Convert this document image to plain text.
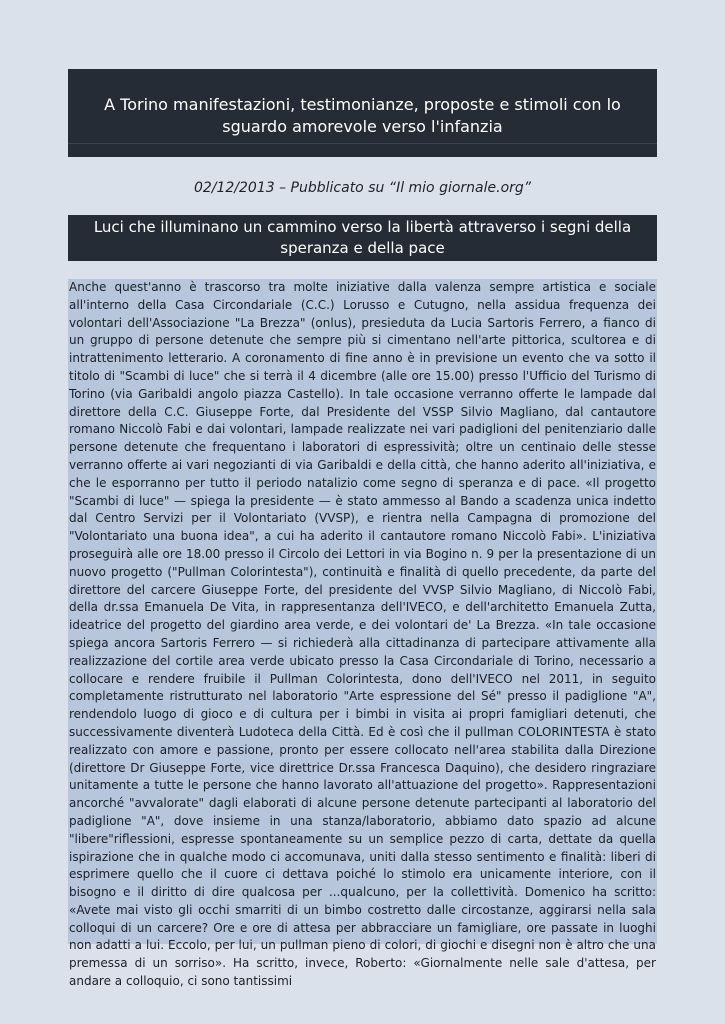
A Torino manifestazioni, testimonianze, proposte e stimoli con lo sguardo amorevole verso l'infanzia
02/12/2013 – Pubblicato su “Il mio giornale.org”
Luci che illuminano un cammino verso la libertà attraverso i segni della speranza e della pace

Anche quest'anno è trascorso tra molte iniziative dalla valenza sempre artistica e sociale all'interno della Casa Circondariale (C.C.) Lorusso e Cutugno, nella assidua frequenza dei volontari dell'Associazione "La Brezza" (onlus), presieduta da Lucia Sartoris Ferrero, a fianco di un gruppo di persone detenute che sempre più si cimentano nell'arte pittorica, scultorea e di intrattenimento letterario. A coronamento di fine anno è in previsione un evento che va sotto il titolo di "Scambi di luce" che si terrà il 4 dicembre (alle ore 15.00) presso l'Ufficio del Turismo di Torino (via Garibaldi angolo piazza Castello). In tale occasione verranno offerte le lampade dal direttore della C.C. Giuseppe Forte, dal Presidente del VSSP Silvio Magliano, dal cantautore romano Niccolò Fabi e dai volontari, lampade realizzate nei vari padiglioni del penitenziario dalle persone detenute che frequentano i laboratori di espressività; oltre un centinaio delle stesse verranno offerte ai vari negozianti di via Garibaldi e della città, che hanno aderito all'iniziativa, e che le esporranno per tutto il periodo natalizio come segno di speranza e di pace. «Il progetto "Scambi di luce" — spiega la presidente — è stato ammesso al Bando a scadenza unica indetto dal Centro Servizi per il Volontariato (VVSP), e rientra nella Campagna di promozione del "Volontariato una buona idea", a cui ha aderito il cantautore romano Niccolò Fabi». L'iniziativa proseguirà alle ore 18.00 presso il Circolo dei Lettori in via Bogino n. 9 per la presentazione di un nuovo progetto ("Pullman Colorintesta"), continuità e finalità di quello precedente, da parte del direttore del carcere Giuseppe Forte, del presidente del VVSP Silvio Magliano, di Niccolò Fabi, della dr.ssa Emanuela De Vita, in rappresentanza dell'IVECO, e dell'architetto Emanuela Zutta, ideatrice del progetto del giardino area verde, e dei volontari de' La Brezza. «In tale occasione spiega ancora Sartoris Ferrero — si richiederà alla cittadinanza di partecipare attivamente alla realizzazione del cortile area verde ubicato presso la Casa Circondariale di Torino, necessario a collocare e rendere fruibile il Pullman Colorintesta, dono dell'IVECO nel 2011, in seguito completamente ristrutturato nel laboratorio "Arte espressione del Sé" presso il padiglione "A", rendendolo luogo di gioco e di cultura per i bimbi in visita ai propri famigliari detenuti, che successivamente diventerà Ludoteca della Città. Ed è così che il pullman COLORINTESTA è stato realizzato con amore e passione, pronto per essere collocato nell'area stabilita dalla Direzione (direttore Dr Giuseppe Forte, vice direttrice Dr.ssa Francesca Daquino), che desidero ringraziare unitamente a tutte le persone che hanno lavorato all'attuazione del progetto». Rappresentazioni ancorché "avvalorate" dagli elaborati di alcune persone detenute partecipanti al laboratorio del padiglione "A", dove insieme in una stanza/laboratorio, abbiamo dato spazio ad alcune "libere"riflessioni, espresse spontaneamente su un semplice pezzo di carta, dettate da quella ispirazione che in qualche modo ci accomunava, uniti dalla stesso sentimento e finalità: liberi di esprimere quello che il cuore ci dettava poiché lo stimolo era unicamente interiore, con il bisogno e il diritto di dire qualcosa per ...qualcuno, per la collettività. Domenico ha scritto: «Avete mai visto gli occhi smarriti di un bimbo costretto dalle circostanze, aggirarsi nella sala colloqui di un carcere? Ore e ore di attesa per abbracciare un famigliare, ore passate in luoghi non adatti a lui. Eccolo, per lui, un pullman pieno di colori, di giochi e disegni non è altro che una premessa di un sorriso». Ha scritto, invece, Roberto: «Giornalmente nelle sale d'attesa, per andare a colloquio, ci sono tantissimi
